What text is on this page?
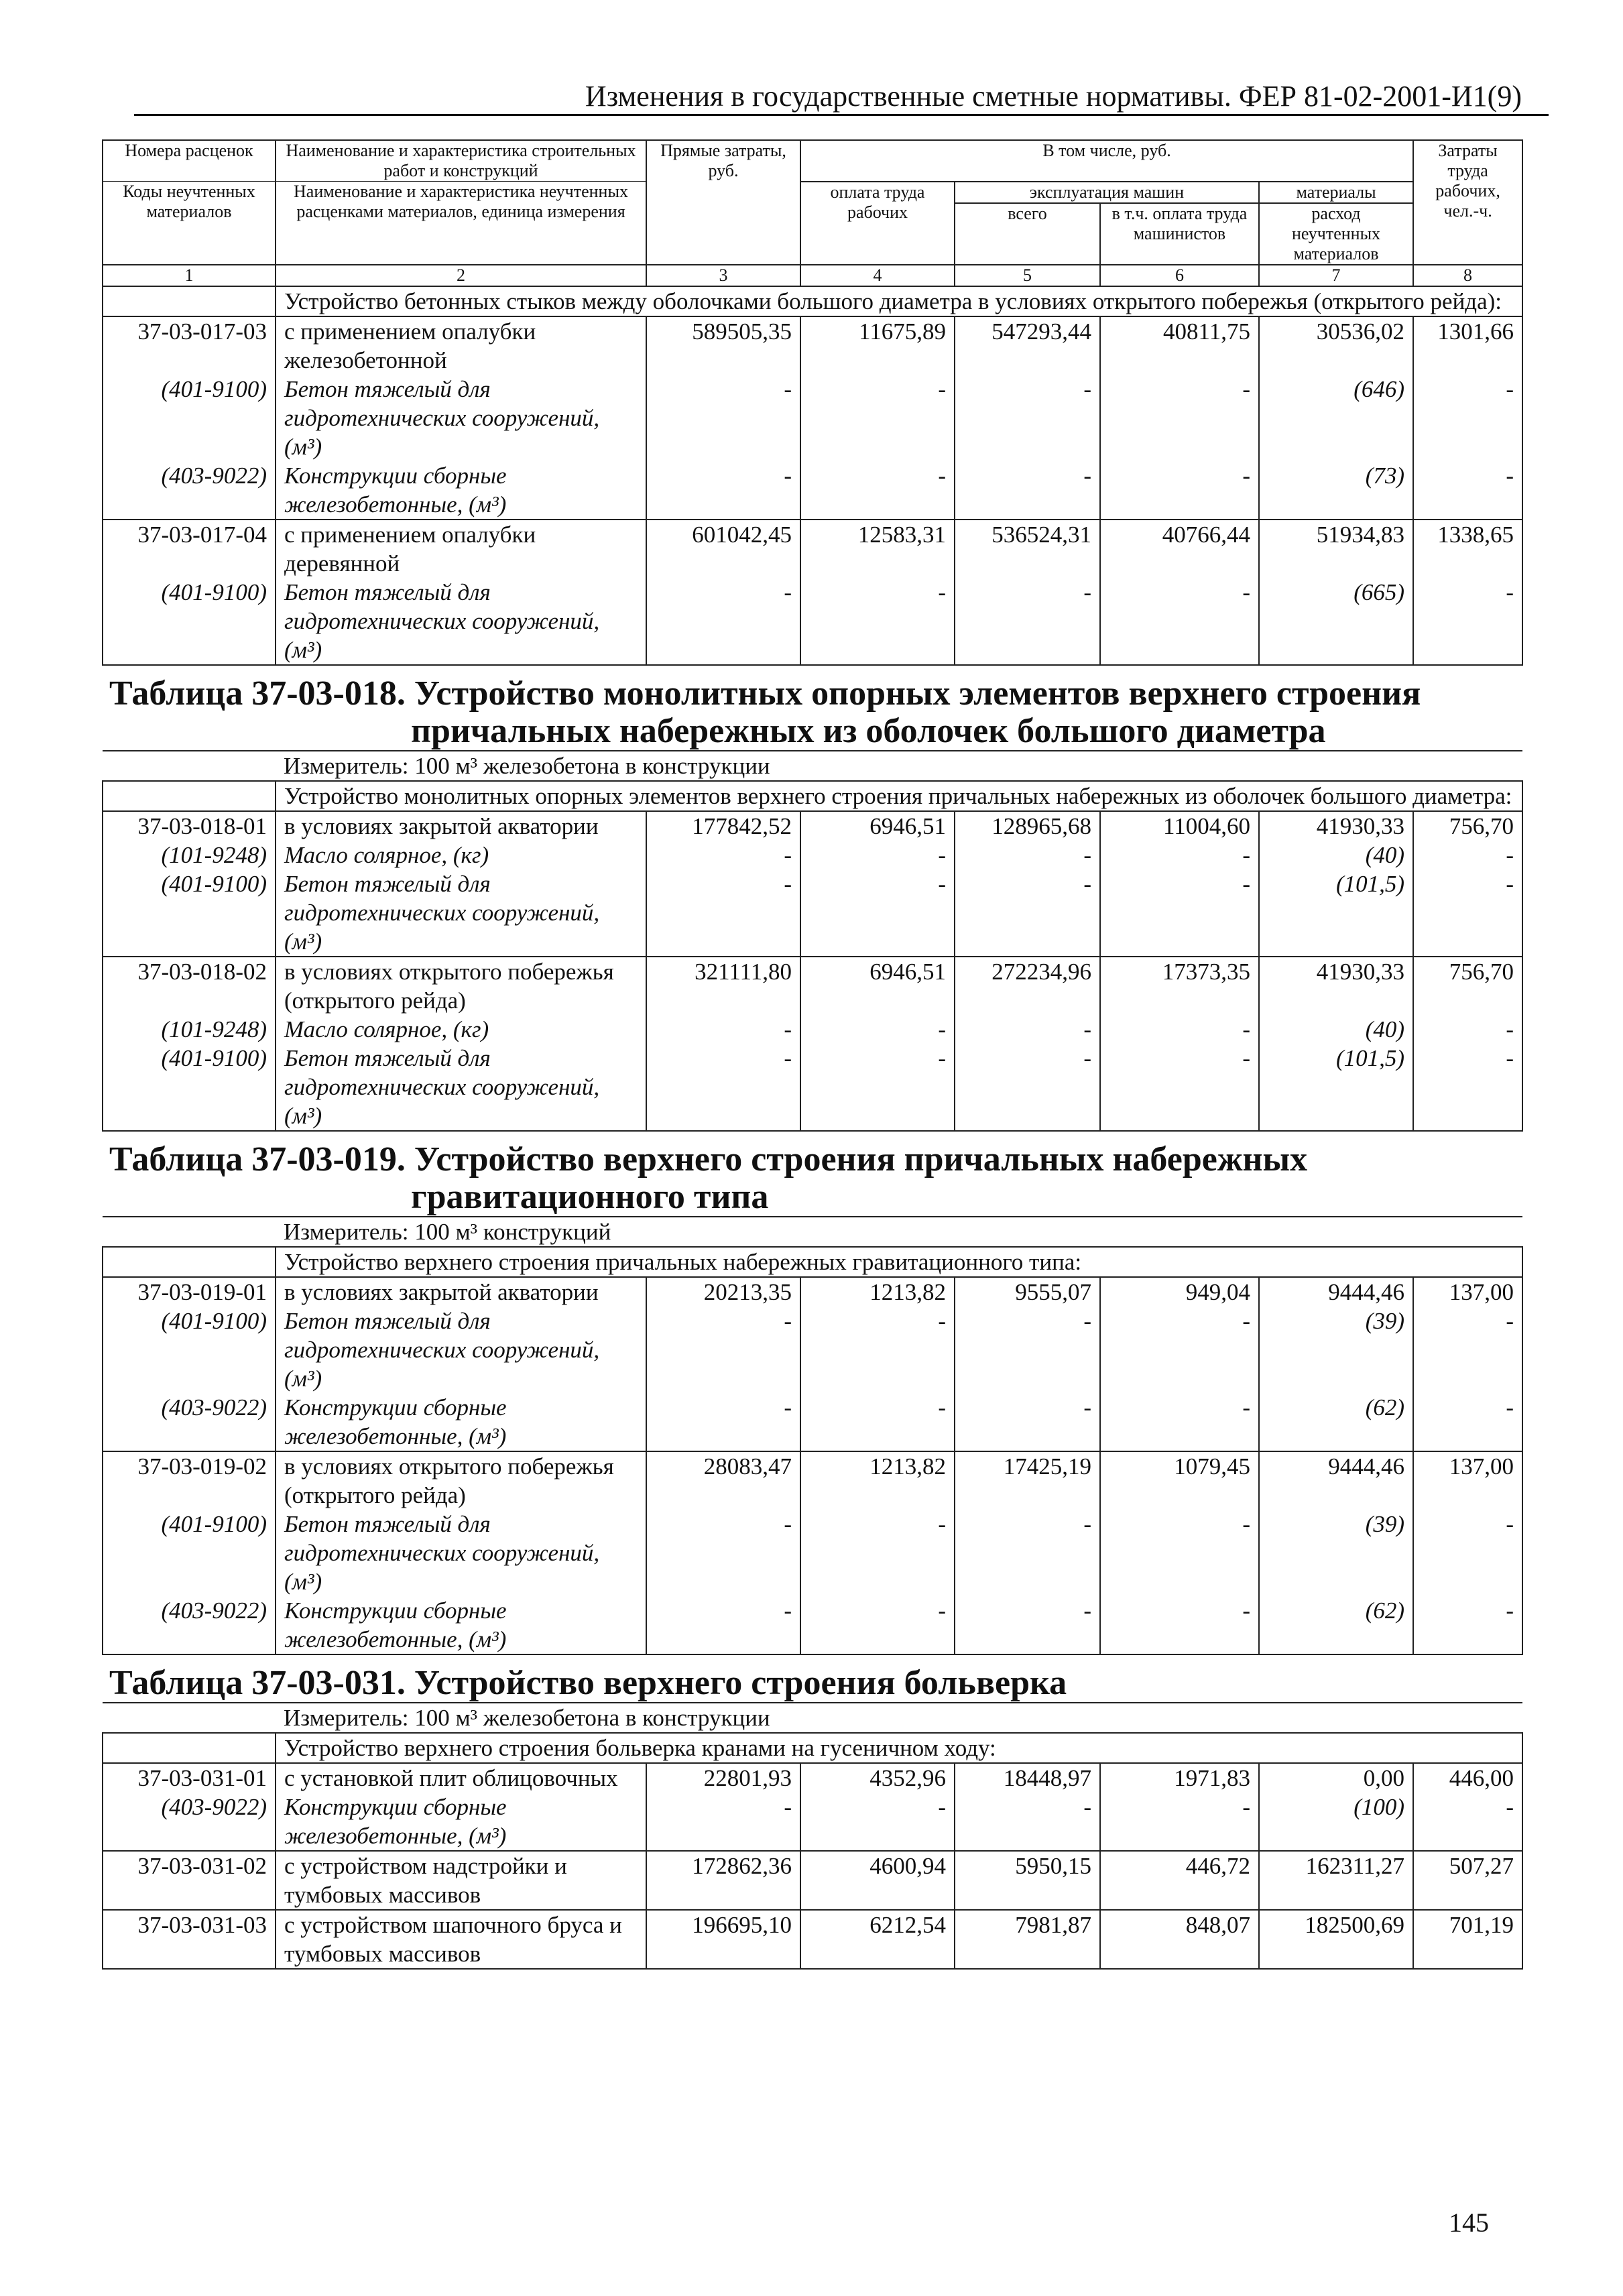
Изменения в государственные сметные нормативы. ФЕР 81-02-2001-И1(9)
Номера расценок	Наименование и характеристика строительных работ и конструкций	Прямые затраты, руб.	В том числе, руб.				Затраты труда рабочих, чел.-ч.
Коды неучтенных материалов	Наименование и характеристика неучтенных расценками материалов, единица измерения		оплата труда рабочих	эксплуатация машин		материалы	
				всего	в т.ч. оплата труда машинистов	расход неучтенных материалов	
1	2	3	4	5	6	7	8
	Устройство бетонных стыков между оболочками большого диаметра в условиях открытого побережья (открытого рейда):						
37-03-017-03	с применением опалубки железобетонной	589505,35	11675,89	547293,44	40811,75	30536,02	1301,66
(401-9100)	Бетон тяжелый для гидротехнических сооружений, (м³)	-	-	-	-	(646)	-
(403-9022)	Конструкции сборные железобетонные, (м³)	-	-	-	-	(73)	-
37-03-017-04	с применением опалубки деревянной	601042,45	12583,31	536524,31	40766,44	51934,83	1338,65
(401-9100)	Бетон тяжелый для гидротехнических сооружений, (м³)	-	-	-	-	(665)	-
Таблица 37-03-018. Устройство монолитных опорных элементов верхнего строения
причальных набережных из оболочек большого диаметра							

Измеритель: 100 м³ железобетона в конструкции							
	Устройство монолитных опорных элементов верхнего строения причальных набережных из оболочек большого диаметра:						
37-03-018-01	в условиях закрытой акватории	177842,52	6946,51	128965,68	11004,60	41930,33	756,70
(101-9248)	Масло солярное, (кг)	-	-	-	-	(40)	-
(401-9100)	Бетон тяжелый для гидротехнических сооружений, (м³)	-	-	-	-	(101,5)	-
37-03-018-02	в условиях открытого побережья (открытого рейда)	321111,80	6946,51	272234,96	17373,35	41930,33	756,70
(101-9248)	Масло солярное, (кг)	-	-	-	-	(40)	-
(401-9100)	Бетон тяжелый для гидротехнических сооружений, (м³)	-	-	-	-	(101,5)	-
Таблица 37-03-019. Устройство верхнего строения причальных набережных
гравитационного типа							

Измеритель: 100 м³ конструкций							
	Устройство верхнего строения причальных набережных гравитационного типа:						
37-03-019-01	в условиях закрытой акватории	20213,35	1213,82	9555,07	949,04	9444,46	137,00
(401-9100)	Бетон тяжелый для гидротехнических сооружений, (м³)	-	-	-	-	(39)	-
(403-9022)	Конструкции сборные железобетонные, (м³)	-	-	-	-	(62)	-
37-03-019-02	в условиях открытого побережья (открытого рейда)	28083,47	1213,82	17425,19	1079,45	9444,46	137,00
(401-9100)	Бетон тяжелый для гидротехнических сооружений, (м³)	-	-	-	-	(39)	-
(403-9022)	Конструкции сборные железобетонные, (м³)	-	-	-	-	(62)	-
Таблица 37-03-031. Устройство верхнего строения больверка							
Измеритель: 100 м³ железобетона в конструкции							
	Устройство верхнего строения больверка кранами на гусеничном ходу:						
37-03-031-01	с установкой плит облицовочных	22801,93	4352,96	18448,97	1971,83	0,00	446,00
(403-9022)	Конструкции сборные железобетонные, (м³)	-	-	-	-	(100)	-
37-03-031-02	с устройством надстройки и тумбовых массивов	172862,36	4600,94	5950,15	446,72	162311,27	507,27
37-03-031-03	с устройством шапочного бруса и тумбовых массивов	196695,10	6212,54	7981,87	848,07	182500,69	701,19
145
